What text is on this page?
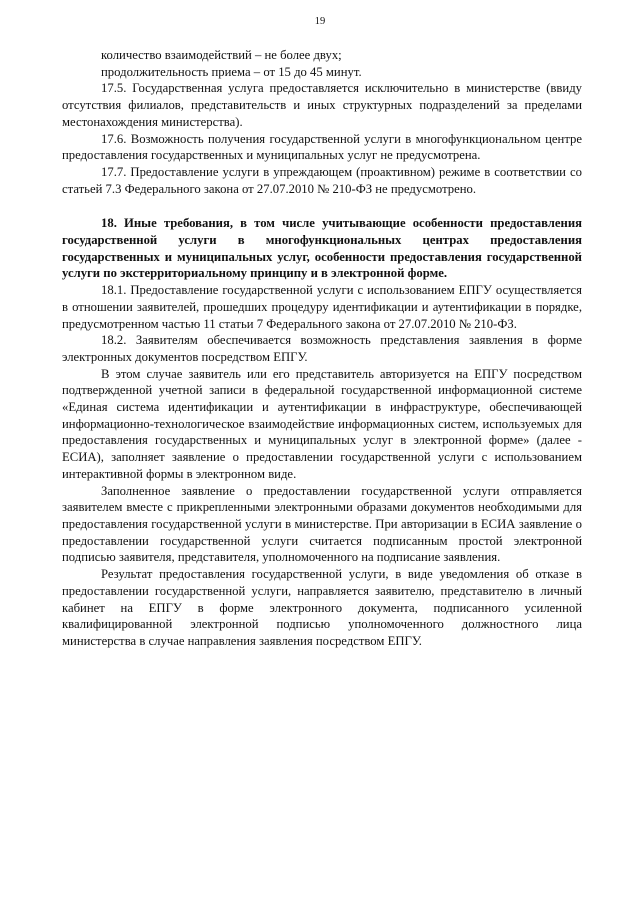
19

количество взаимодействий – не более двух;

продолжительность приема – от 15 до 45 минут.

17.5. Государственная услуга предоставляется исключительно в министерстве (ввиду отсутствия филиалов, представительств и иных структурных подразделений за пределами местонахождения министерства).

17.6. Возможность получения государственной услуги в многофункциональном центре предоставления государственных и муниципальных услуг не предусмотрена.

17.7. Предоставление услуги в упреждающем (проактивном) режиме в соответствии со статьей 7.3 Федерального закона от 27.07.2010 № 210-ФЗ не предусмотрено.

18. Иные требования, в том числе учитывающие особенности предоставления государственной услуги в многофункциональных центрах предоставления государственных и муниципальных услуг, особенности предоставления государственной услуги по экстерриториальному принципу и в электронной форме.

18.1. Предоставление государственной услуги с использованием ЕПГУ осуществляется в отношении заявителей, прошедших процедуру идентификации и аутентификации в порядке, предусмотренном частью 11 статьи 7 Федерального закона от 27.07.2010 № 210-ФЗ.

18.2. Заявителям обеспечивается возможность представления заявления в форме электронных документов посредством ЕПГУ.

В этом случае заявитель или его представитель авторизуется на ЕПГУ посредством подтвержденной учетной записи в федеральной государственной информационной системе «Единая система идентификации и аутентификации в инфраструктуре, обеспечивающей информационно-технологическое взаимодействие информационных систем, используемых для предоставления государственных и муниципальных услуг в электронной форме» (далее - ЕСИА), заполняет заявление о предоставлении государственной услуги с использованием интерактивной формы в электронном виде.

Заполненное заявление о предоставлении государственной услуги отправляется заявителем вместе с прикрепленными электронными образами документов необходимыми для предоставления государственной услуги в министерстве. При авторизации в ЕСИА заявление о предоставлении государственной услуги считается подписанным простой электронной подписью заявителя, представителя, уполномоченного на подписание заявления.

Результат предоставления государственной услуги, в виде уведомления об отказе в предоставлении государственной услуги, направляется заявителю, представителю в личный кабинет на ЕПГУ в форме электронного документа, подписанного усиленной квалифицированной электронной подписью уполномоченного должностного лица министерства в случае направления заявления посредством ЕПГУ.
